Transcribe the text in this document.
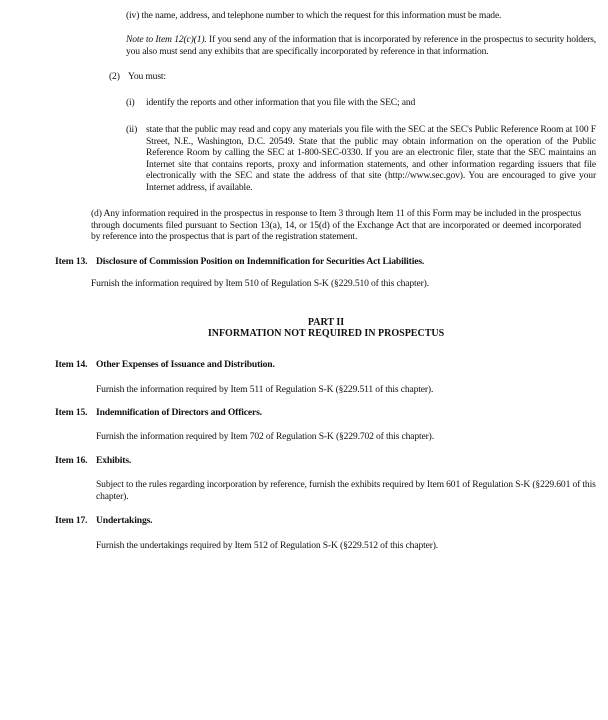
(iv) the name, address, and telephone number to which the request for this information must be made.
Note to Item 12(c)(1). If you send any of the information that is incorporated by reference in the prospectus to security holders, you also must send any exhibits that are specifically incorporated by reference in that information.
(2) You must:
(i) identify the reports and other information that you file with the SEC; and
(ii) state that the public may read and copy any materials you file with the SEC at the SEC's Public Reference Room at 100 F Street, N.E., Washington, D.C. 20549. State that the public may obtain information on the operation of the Public Reference Room by calling the SEC at 1-800-SEC-0330. If you are an electronic filer, state that the SEC maintains an Internet site that contains reports, proxy and information statements, and other information regarding issuers that file electronically with the SEC and state the address of that site (http://www.sec.gov). You are encouraged to give your Internet address, if available.
(d) Any information required in the prospectus in response to Item 3 through Item 11 of this Form may be included in the prospectus through documents filed pursuant to Section 13(a), 14, or 15(d) of the Exchange Act that are incorporated or deemed incorporated by reference into the prospectus that is part of the registration statement.
Item 13. Disclosure of Commission Position on Indemnification for Securities Act Liabilities.
Furnish the information required by Item 510 of Regulation S-K (§229.510 of this chapter).
PART II
INFORMATION NOT REQUIRED IN PROSPECTUS
Item 14. Other Expenses of Issuance and Distribution.
Furnish the information required by Item 511 of Regulation S-K (§229.511 of this chapter).
Item 15. Indemnification of Directors and Officers.
Furnish the information required by Item 702 of Regulation S-K (§229.702 of this chapter).
Item 16. Exhibits.
Subject to the rules regarding incorporation by reference, furnish the exhibits required by Item 601 of Regulation S-K (§229.601 of this chapter).
Item 17. Undertakings.
Furnish the undertakings required by Item 512 of Regulation S-K (§229.512 of this chapter).
